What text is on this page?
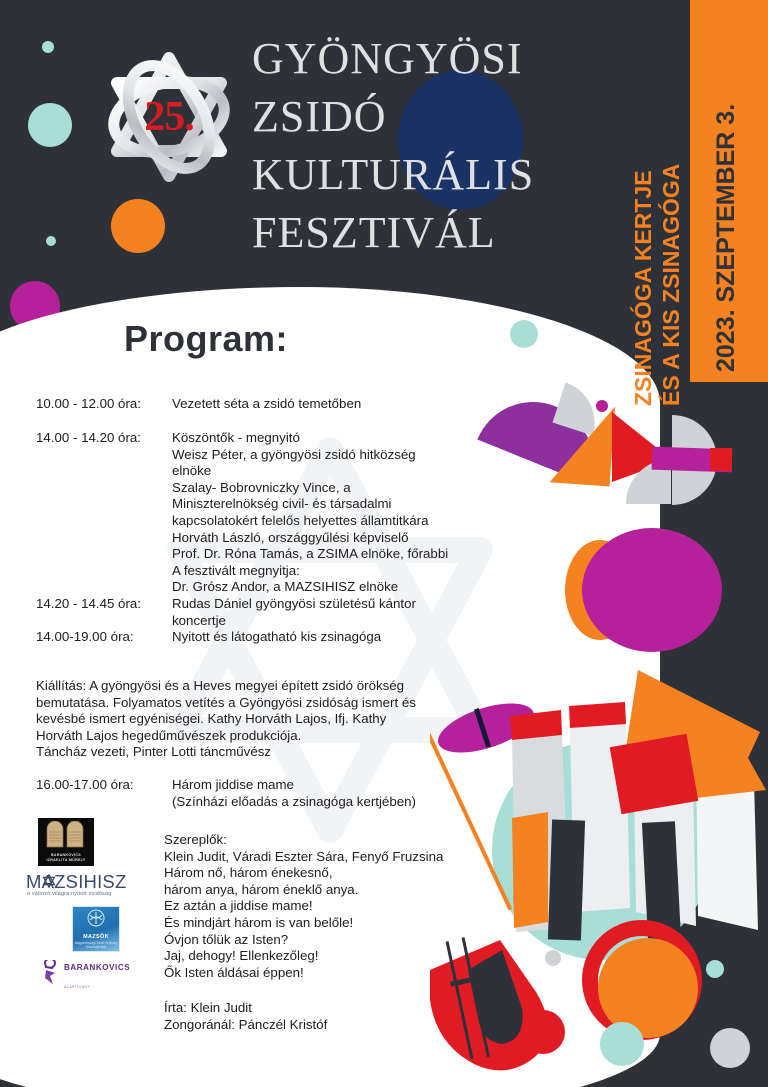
25.
GYÖNGYÖSI
ZSIDÓ
KULTURÁLIS
FESZTIVÁL	ZSINAGÓGA KERTJE ÉS A KIS ZSINAGÓGA 2023. SZEPTEMBER 3.
Program:
10.00 - 12.00 óra:	Vezetett séta a zsidó temetőben
14.00 - 14.20 óra:	Köszöntők - megnyitó
Weisz Péter, a gyöngyösi zsidó hitközség
elnöke
Szalay- Bobrovniczky Vince, a
Miniszterelnökség civil- és társadalmi
kapcsolatokért felelős helyettes államtitkára
Horváth László, országgyűlési képviselő
Prof. Dr. Róna Tamás, a ZSIMA elnöke, főrabbi
A fesztivált megnyitja:
Dr. Grósz Andor, a MAZSIHISZ elnöke
14.20 - 14.45 óra:	Rudas Dániel gyöngyösi születésű kántor
koncertje
14.00-19.00 óra:	Nyitott és látogatható kis zsinagóga
Kiállítás: A gyöngyösi és a Heves megyei épített zsidó örökség
bemutatása. Folyamatos vetítés a Gyöngyösi zsidóság ismert és
kevésbé ismert egyéniségei. Kathy Horváth Lajos, Ifj. Kathy
Horváth Lajos hegedűművészek produkciója.
Táncház vezeti, Pinter Lotti táncművész
16.00-17.00 óra:	Három jiddise mame
(Színházi előadás a zsinagóga kertjében)
Szereplők:
Klein Judit, Váradi Eszter Sára, Fenyő Fruzsina
Három nő, három énekesnő,
három anya, három éneklő anya.
Ez aztán a jiddise mame!
És mindjárt három is van belőle!
Óvjon tőlük az Isten?
Jaj, dehogy! Ellenkezőleg!
Ők Isten áldásai éppen!
Írta: Klein Judit
Zongoránál: Pánczél Kristóf
BARANKOVICS
IZRAELITA MŰHELY
MAZSIHISZ
a változó világra nyitott zsidóság
MAZSÖK
Magyarországi Zsidó Örökség Közalapítvány
BARANKOVICS
ALAPÍTVÁNY
